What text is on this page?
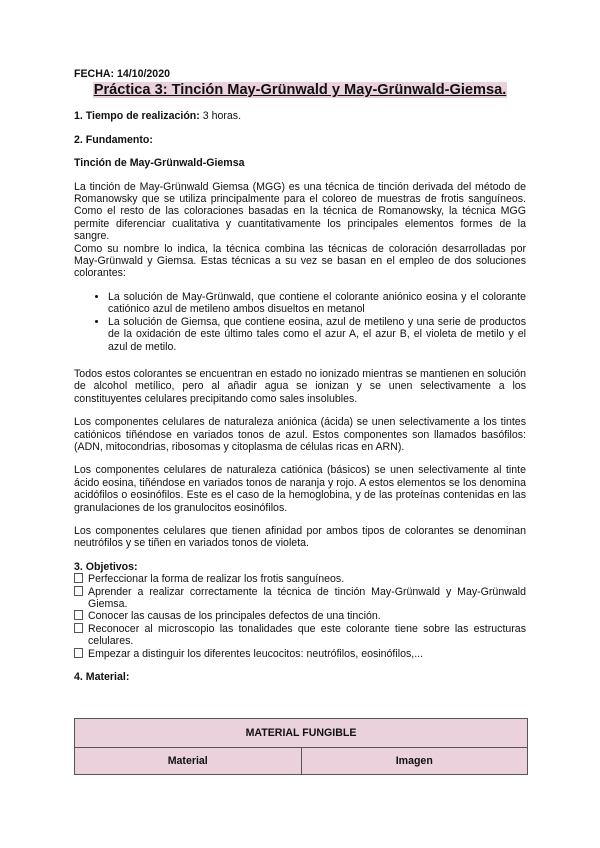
FECHA: 14/10/2020
Práctica 3: Tinción May-Grünwald y May-Grünwald-Giemsa.
1. Tiempo de realización: 3 horas.
2. Fundamento:
Tinción de May-Grünwald-Giemsa
La tinción de May-Grünwald Giemsa (MGG) es una técnica de tinción derivada del método de Romanowsky que se utiliza principalmente para el coloreo de muestras de frotis sanguíneos. Como el resto de las coloraciones basadas en la técnica de Romanowsky, la técnica MGG permite diferenciar cualitativa y cuantitativamente los principales elementos formes de la sangre.
Como su nombre lo indica, la técnica combina las técnicas de coloración desarrolladas por May-Grünwald y Giemsa. Estas técnicas a su vez se basan en el empleo de dos soluciones colorantes:
• La solución de May-Grünwald, que contiene el colorante aniónico eosina y el colorante catiónico azul de metileno ambos disueltos en metanol
• La solución de Giemsa, que contiene eosina, azul de metileno y una serie de productos de la oxidación de este último tales como el azur A, el azur B, el violeta de metilo y el azul de metilo.
Todos estos colorantes se encuentran en estado no ionizado mientras se mantienen en solución de alcohol metílico, pero al añadir agua se ionizan y se unen selectivamente a los constituyentes celulares precipitando como sales insolubles.
Los componentes celulares de naturaleza aniónica (ácida) se unen selectivamente a los tintes catiónicos tiñéndose en variados tonos de azul. Estos componentes son llamados basófilos: (ADN, mitocondrias, ribosomas y citoplasma de células ricas en ARN).
Los componentes celulares de naturaleza catiónica (básicos) se unen selectivamente al tinte ácido eosina, tiñéndose en variados tonos de naranja y rojo. A estos elementos se los denomina acidófilos o eosinófilos. Este es el caso de la hemoglobina, y de las proteínas contenidas en las granulaciones de los granulocitos eosinófilos.
Los componentes celulares que tienen afinidad por ambos tipos de colorantes se denominan neutrófilos y se tiñen en variados tonos de violeta.
3. Objetivos:
Perfeccionar la forma de realizar los frotis sanguíneos.
Aprender a realizar correctamente la técnica de tinción May-Grünwald y May-Grünwald Giemsa.
Conocer las causas de los principales defectos de una tinción.
Reconocer al microscopio las tonalidades que este colorante tiene sobre las estructuras celulares.
Empezar a distinguir los diferentes leucocitos: neutrófilos, eosinófilos,...
4. Material:
MATERIAL FUNGIBLE
Material	Imagen
